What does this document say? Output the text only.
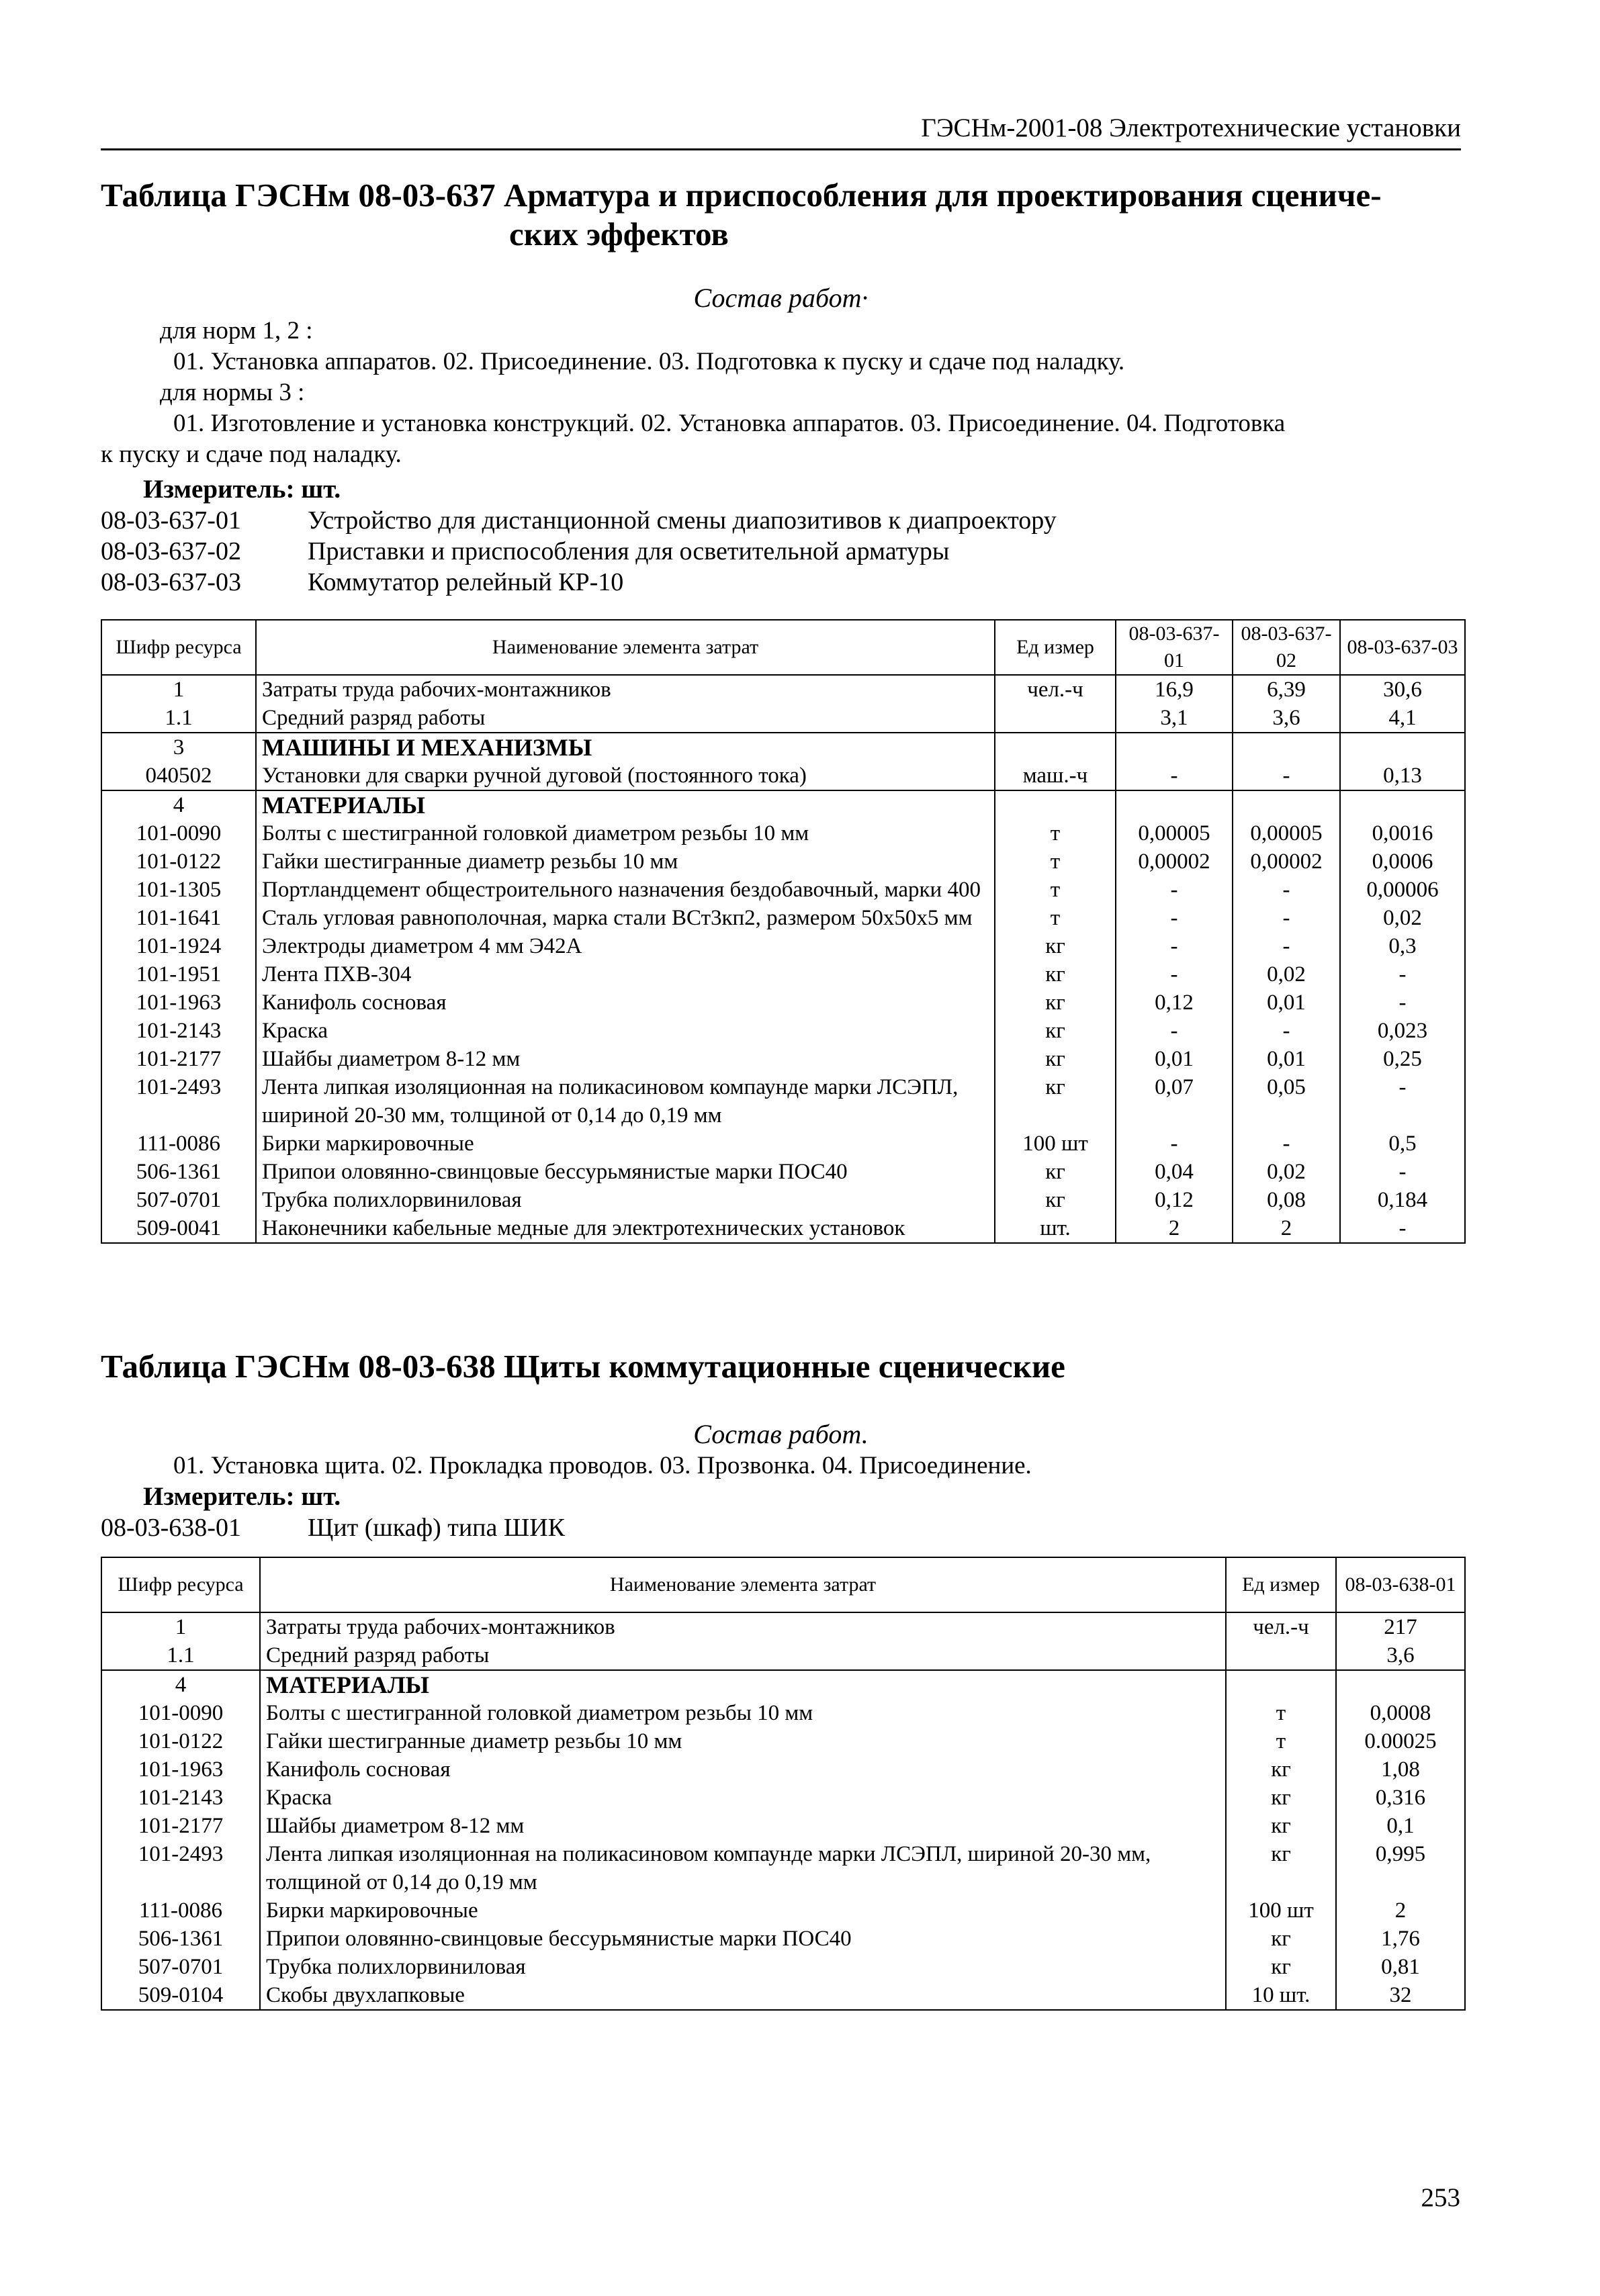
ГЭСНм-2001-08 Электротехнические установки
Таблица ГЭСНм 08-03-637 Арматура и приспособления для проектирования сцениче-
ских эффектов
Состав работ·
для норм 1, 2 :
01. Установка аппаратов. 02. Присоединение. 03. Подготовка к пуску и сдаче под наладку.
для нормы 3 :
01. Изготовление и установка конструкций. 02. Установка аппаратов. 03. Присоединение. 04. Подготовка
к пуску и сдаче под наладку.
Измеритель: шт.
08-03-637-01	Устройство для дистанционной смены диапозитивов к диапроектору
08-03-637-02	Приставки и приспособления для осветительной арматуры
08-03-637-03	Коммутатор релейный КР-10
Шифр ресурса	Наименование элемента затрат	Ед измер	08-03-637-01	08-03-637-02	08-03-637-03
1	Затраты труда рабочих-монтажников	чел.-ч	16,9	6,39	30,6
1.1	Средний разряд работы		3,1	3,6	4,1
3	МАШИНЫ И МЕХАНИЗМЫ				
040502	Установки для сварки ручной дуговой (постоянного тока)	маш.-ч	-	-	0,13
4	МАТЕРИАЛЫ				
101-0090	Болты с шестигранной головкой диаметром резьбы 10 мм	т	0,00005	0,00005	0,0016
101-0122	Гайки шестигранные диаметр резьбы 10 мм	т	0,00002	0,00002	0,0006
101-1305	Портландцемент общестроительного назначения бездобавочный, марки 400	т	-	-	0,00006
101-1641	Сталь угловая равнополочная, марка стали ВСт3кп2, размером 50х50х5 мм	т	-	-	0,02
101-1924	Электроды диаметром 4 мм Э42А	кг	-	-	0,3
101-1951	Лента ПХВ-304	кг	-	0,02	-
101-1963	Канифоль сосновая	кг	0,12	0,01	-
101-2143	Краска	кг	-	-	0,023
101-2177	Шайбы диаметром 8-12 мм	кг	0,01	0,01	0,25
101-2493	Лента липкая изоляционная на поликасиновом компаунде марки ЛСЭПЛ, шириной 20-30 мм, толщиной от 0,14 до 0,19 мм	кг	0,07	0,05	-
111-0086	Бирки маркировочные	100 шт	-	-	0,5
506-1361	Припои оловянно-свинцовые бессурьмянистые марки ПОС40	кг	0,04	0,02	-
507-0701	Трубка полихлорвиниловая	кг	0,12	0,08	0,184
509-0041	Наконечники кабельные медные для электротехнических установок	шт.	2	2	-
Таблица ГЭСНм 08-03-638 Щиты коммутационные сценические
Состав работ.
01. Установка щита. 02. Прокладка проводов. 03. Прозвонка. 04. Присоединение.
Измеритель: шт.
08-03-638-01	Щит (шкаф) типа ШИК
Шифр ресурса	Наименование элемента затрат	Ед измер	08-03-638-01
1	Затраты труда рабочих-монтажников	чел.-ч	217
1.1	Средний разряд работы		3,6
4	МАТЕРИАЛЫ		
101-0090	Болты с шестигранной головкой диаметром резьбы 10 мм	т	0,0008
101-0122	Гайки шестигранные диаметр резьбы 10 мм	т	0.00025
101-1963	Канифоль сосновая	кг	1,08
101-2143	Краска	кг	0,316
101-2177	Шайбы диаметром 8-12 мм	кг	0,1
101-2493	Лента липкая изоляционная на поликасиновом компаунде марки ЛСЭПЛ, шириной 20-30 мм, толщиной от 0,14 до 0,19 мм	кг	0,995
111-0086	Бирки маркировочные	100 шт	2
506-1361	Припои оловянно-свинцовые бессурьмянистые марки ПОС40	кг	1,76
507-0701	Трубка полихлорвиниловая	кг	0,81
509-0104	Скобы двухлапковые	10 шт.	32
253
